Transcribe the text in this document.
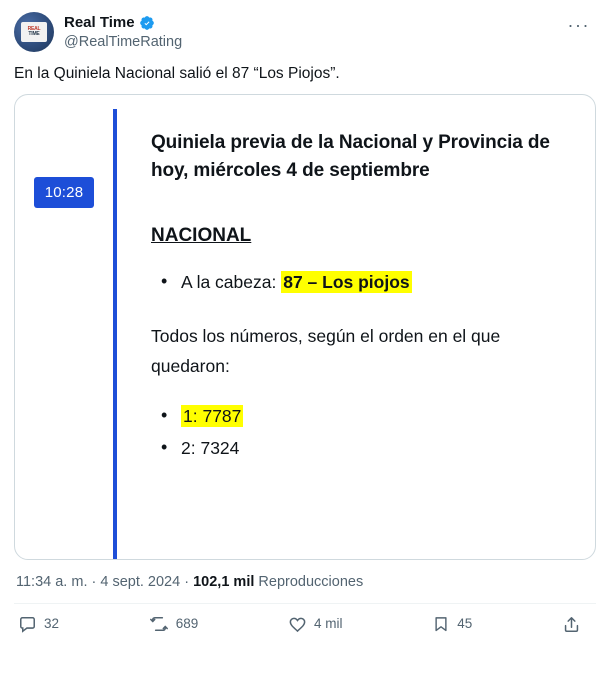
REAL
TIME
Real Time
@RealTimeRating
···
En la Quiniela Nacional salió el 87 “Los Piojos”.
10:28
Quiniela previa de la Nacional y Provincia de hoy, miércoles 4 de septiembre
NACIONAL
• A la cabeza: 87 – Los piojos
Todos los números, según el orden en el que quedaron:
• 1: 7787
• 2: 7324
11:34 a. m. · 4 sept. 2024 · 102,1 mil Reproducciones
32	689	4 mil	45
